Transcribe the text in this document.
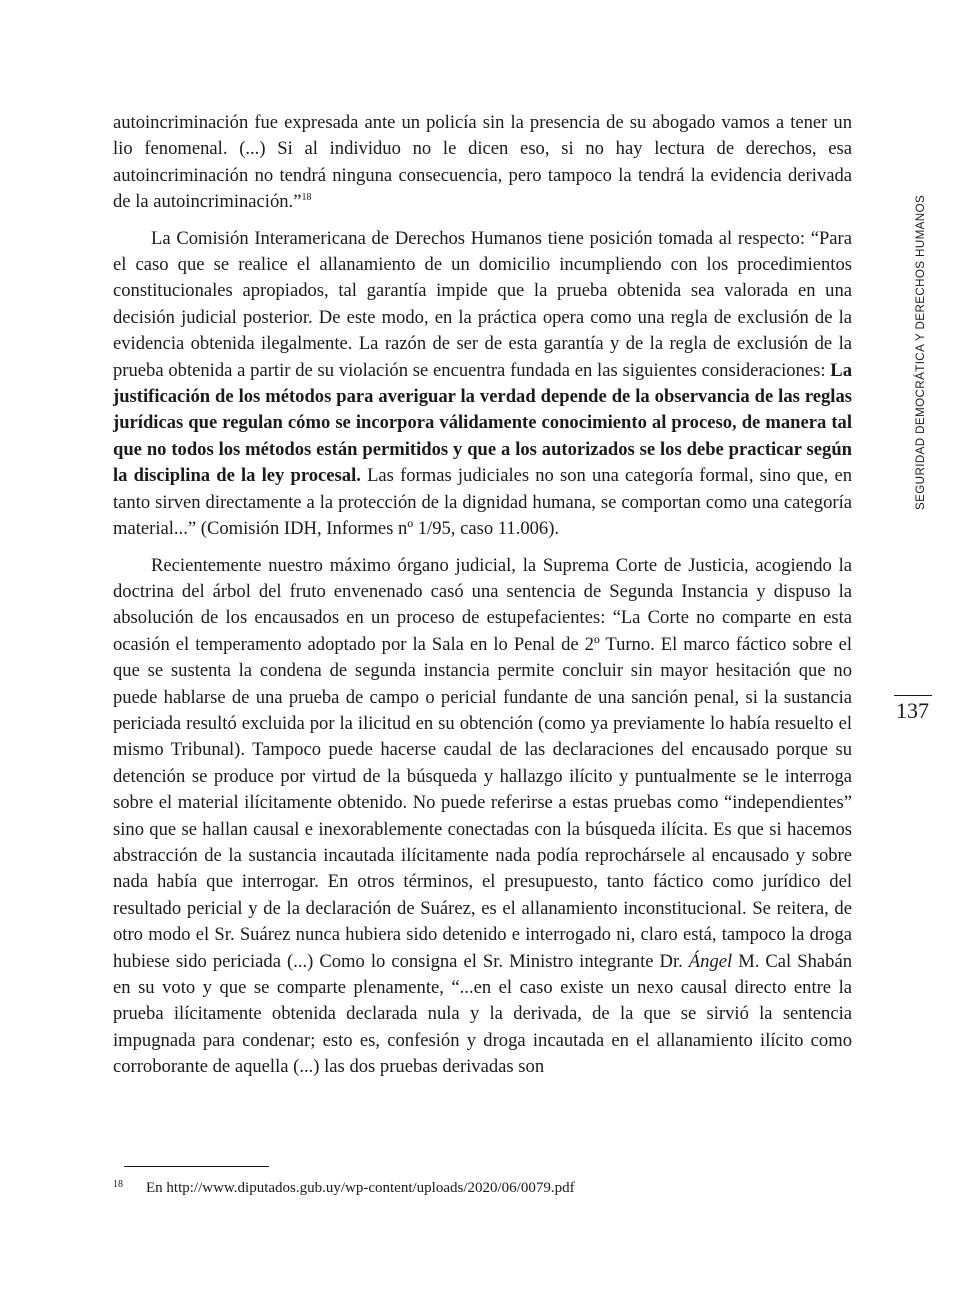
SEGURIDAD DEMOCRÁTICA Y DERECHOS HUMANOS
137

autoincriminación fue expresada ante un policía sin la presencia de su abogado vamos a tener un lio fenomenal. (...) Si al individuo no le dicen eso, si no hay lectura de derechos, esa autoincriminación no tendrá ninguna consecuencia, pero tampoco la tendrá la evidencia derivada de la autoincriminación.”$^{18}$

La Comisión Interamericana de Derechos Humanos tiene posición tomada al respecto: “Para el caso que se realice el allanamiento de un domicilio incumpliendo con los procedimientos constitucionales apropiados, tal garantía impide que la prueba obtenida sea valorada en una decisión judicial posterior. De este modo, en la práctica opera como una regla de exclusión de la evidencia obtenida ilegalmente. La razón de ser de esta garantía y de la regla de exclusión de la prueba obtenida a partir de su violación se encuentra fundada en las siguientes consideraciones: La justificación de los métodos para averiguar la verdad depende de la observancia de las reglas jurídicas que regulan cómo se incorpora válidamente conocimiento al proceso, de manera tal que no todos los métodos están permitidos y que a los autorizados se los debe practicar según la disciplina de la ley procesal. Las formas judiciales no son una categoría formal, sino que, en tanto sirven directamente a la protección de la dignidad humana, se comportan como una categoría material...” (Comisión IDH, Informes nº 1/95, caso 11.006).

Recientemente nuestro máximo órgano judicial, la Suprema Corte de Justicia, acogiendo la doctrina del árbol del fruto envenenado casó una sentencia de Segunda Instancia y dispuso la absolución de los encausados en un proceso de estupefacientes: “La Corte no comparte en esta ocasión el temperamento adoptado por la Sala en lo Penal de 2º Turno. El marco fáctico sobre el que se sustenta la condena de segunda instancia permite concluir sin mayor hesitación que no puede hablarse de una prueba de campo o pericial fundante de una sanción penal, si la sustancia periciada resultó excluida por la ilicitud en su obtención (como ya previamente lo había resuelto el mismo Tribunal). Tampoco puede hacerse caudal de las declaraciones del encausado porque su detención se produce por virtud de la búsqueda y hallazgo ilícito y puntualmente se le interroga sobre el material ilícitamente obtenido. No puede referirse a estas pruebas como “independientes” sino que se hallan causal e inexorablemente conectadas con la búsqueda ilícita. Es que si hacemos abstracción de la sustancia incautada ilícitamente nada podía reprochársele al encausado y sobre nada había que interrogar. En otros términos, el presupuesto, tanto fáctico como jurídico del resultado pericial y de la declaración de Suárez, es el allanamiento inconstitucional. Se reitera, de otro modo el Sr. Suárez nunca hubiera sido detenido e interrogado ni, claro está, tampoco la droga hubiese sido periciada (...) Como lo consigna el Sr. Ministro integrante Dr. Ángel M. Cal Shabán en su voto y que se comparte plenamente, “...en el caso existe un nexo causal directo entre la prueba ilícitamente obtenida declarada nula y la derivada, de la que se sirvió la sentencia impugnada para condenar; esto es, confesión y droga incautada en el allanamiento ilícito como corroborante de aquella (...) las dos pruebas derivadas son

18 En http://www.diputados.gub.uy/wp-content/uploads/2020/06/0079.pdf
